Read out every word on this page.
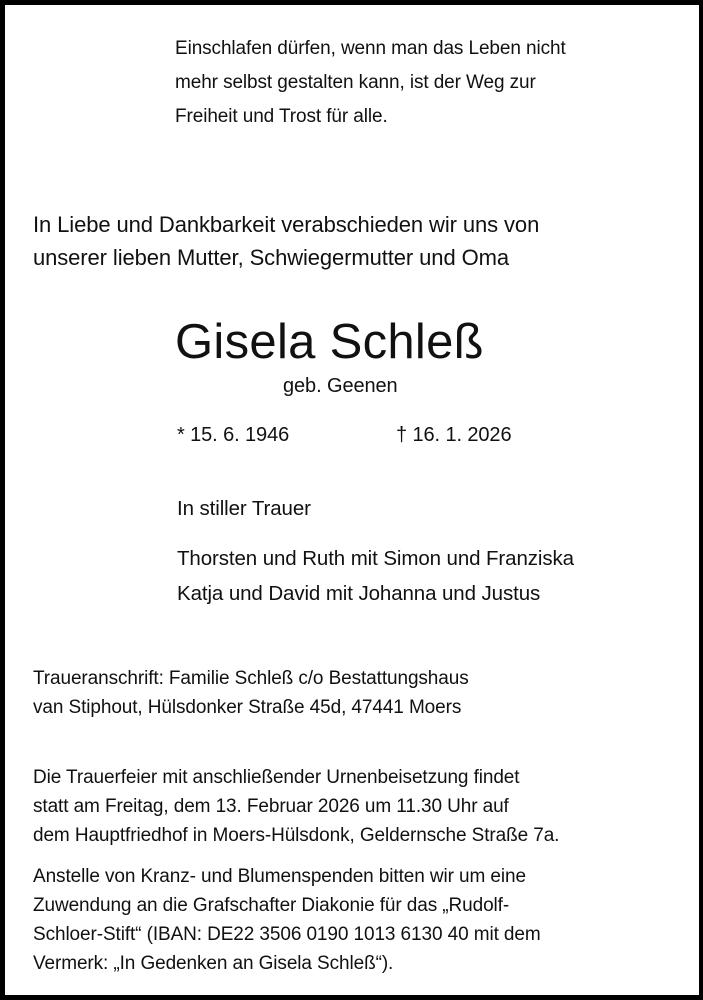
Einschlafen dürfen, wenn man das Leben nicht
mehr selbst gestalten kann, ist der Weg zur
Freiheit und Trost für alle.
In Liebe und Dankbarkeit verabschieden wir uns von
unserer lieben Mutter, Schwiegermutter und Oma
Gisela Schleß
geb. Geenen
* 15. 6. 1946	† 16. 1. 2026
In stiller Trauer
Thorsten und Ruth mit Simon und Franziska
Katja und David mit Johanna und Justus
Traueranschrift: Familie Schleß c/o Bestattungshaus
van Stiphout, Hülsdonker Straße 45d, 47441 Moers
Die Trauerfeier mit anschließender Urnenbeisetzung findet
statt am Freitag, dem 13. Februar 2026 um 11.30 Uhr auf
dem Hauptfriedhof in Moers-Hülsdonk, Geldernsche Straße 7a.
Anstelle von Kranz- und Blumenspenden bitten wir um eine
Zuwendung an die Grafschafter Diakonie für das „Rudolf-
Schloer-Stift“ (IBAN: DE22 3506 0190 1013 6130 40 mit dem
Vermerk: „In Gedenken an Gisela Schleß“).
